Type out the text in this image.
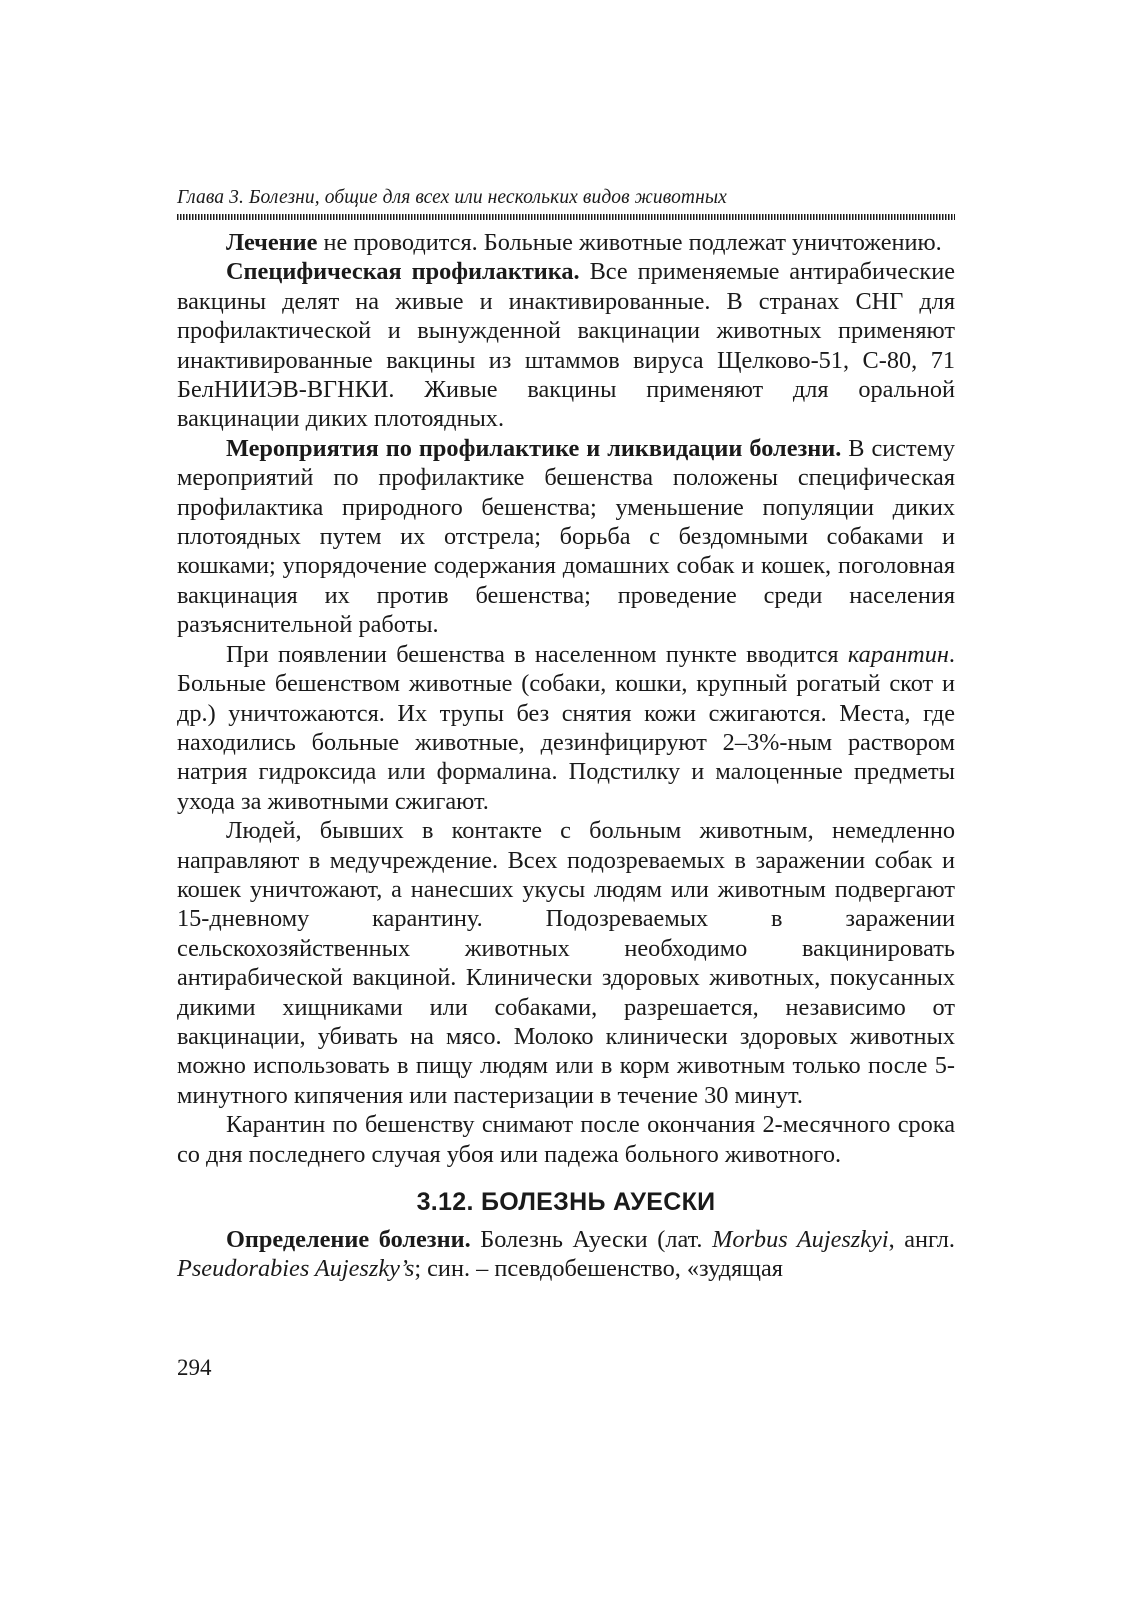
Глава 3. Болезни, общие для всех или нескольких видов животных

Лечение не проводится. Больные животные подлежат уничтожению.

Специфическая профилактика. Все применяемые антирабические вакцины делят на живые и инактивированные. В странах СНГ для профилактической и вынужденной вакцинации животных применяют инактивированные вакцины из штаммов вируса Щелково-51, С-80, 71 БелНИИЭВ-ВГНКИ. Живые вакцины применяют для оральной вакцинации диких плотоядных.

Мероприятия по профилактике и ликвидации болезни. В систему мероприятий по профилактике бешенства положены специфическая профилактика природного бешенства; уменьшение популяции диких плотоядных путем их отстрела; борьба с бездомными собаками и кошками; упорядочение содержания домашних собак и кошек, поголовная вакцинация их против бешенства; проведение среди населения разъяснительной работы.

При появлении бешенства в населенном пункте вводится карантин. Больные бешенством животные (собаки, кошки, крупный рогатый скот и др.) уничтожаются. Их трупы без снятия кожи сжигаются. Места, где находились больные животные, дезинфицируют 2–3%-ным раствором натрия гидроксида или формалина. Подстилку и малоценные предметы ухода за животными сжигают.

Людей, бывших в контакте с больным животным, немедленно направляют в медучреждение. Всех подозреваемых в заражении собак и кошек уничтожают, а нанесших укусы людям или животным подвергают 15-дневному карантину. Подозреваемых в заражении сельскохозяйственных животных необходимо вакцинировать антирабической вакциной. Клинически здоровых животных, покусанных дикими хищниками или собаками, разрешается, независимо от вакцинации, убивать на мясо. Молоко клинически здоровых животных можно использовать в пищу людям или в корм животным только после 5-минутного кипячения или пастеризации в течение 30 минут.

Карантин по бешенству снимают после окончания 2-месячного срока со дня последнего случая убоя или падежа больного животного.

3.12. БОЛЕЗНЬ АУЕСКИ

Определение болезни. Болезнь Ауески (лат. Morbus Aujeszkyi, англ. Pseudorabies Aujeszky’s; син. – псевдобешенство, «зудящая

294
